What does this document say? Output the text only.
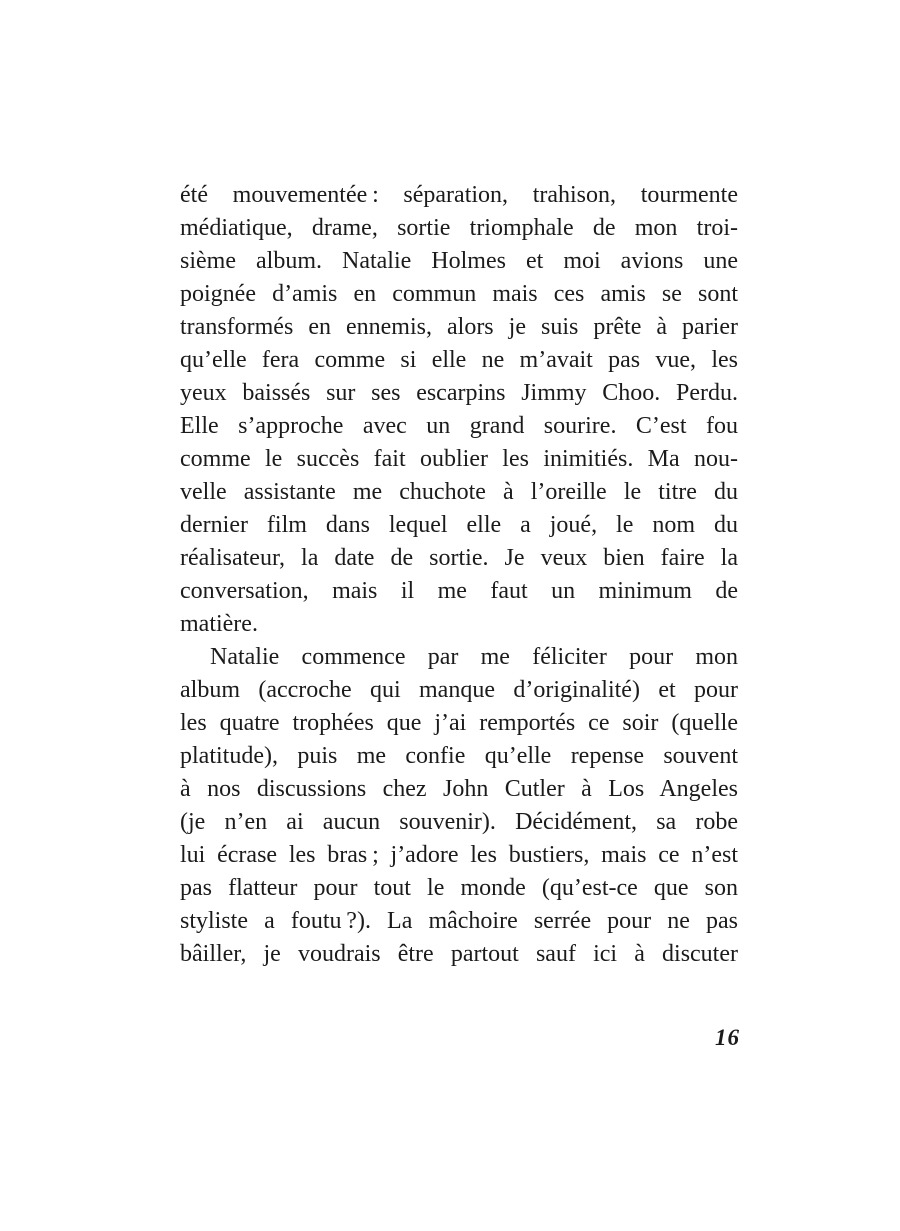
été mouvementée : séparation, trahison, tourmente
médiatique, drame, sortie triomphale de mon troi-
sième album. Natalie Holmes et moi avions une
poignée d’amis en commun mais ces amis se sont
transformés en ennemis, alors je suis prête à parier
qu’elle fera comme si elle ne m’avait pas vue, les
yeux baissés sur ses escarpins Jimmy Choo. Perdu.
Elle s’approche avec un grand sourire. C’est fou
comme le succès fait oublier les inimitiés. Ma nou-
velle assistante me chuchote à l’oreille le titre du
dernier film dans lequel elle a joué, le nom du
réalisateur, la date de sortie. Je veux bien faire la
conversation, mais il me faut un minimum de
matière.
Natalie commence par me féliciter pour mon
album (accroche qui manque d’originalité) et pour
les quatre trophées que j’ai remportés ce soir (quelle
platitude), puis me confie qu’elle repense souvent
à nos discussions chez John Cutler à Los Angeles
(je n’en ai aucun souvenir). Décidément, sa robe
lui écrase les bras ; j’adore les bustiers, mais ce n’est
pas flatteur pour tout le monde (qu’est-ce que son
styliste a foutu ?). La mâchoire serrée pour ne pas
bâiller, je voudrais être partout sauf ici à discuter
16
